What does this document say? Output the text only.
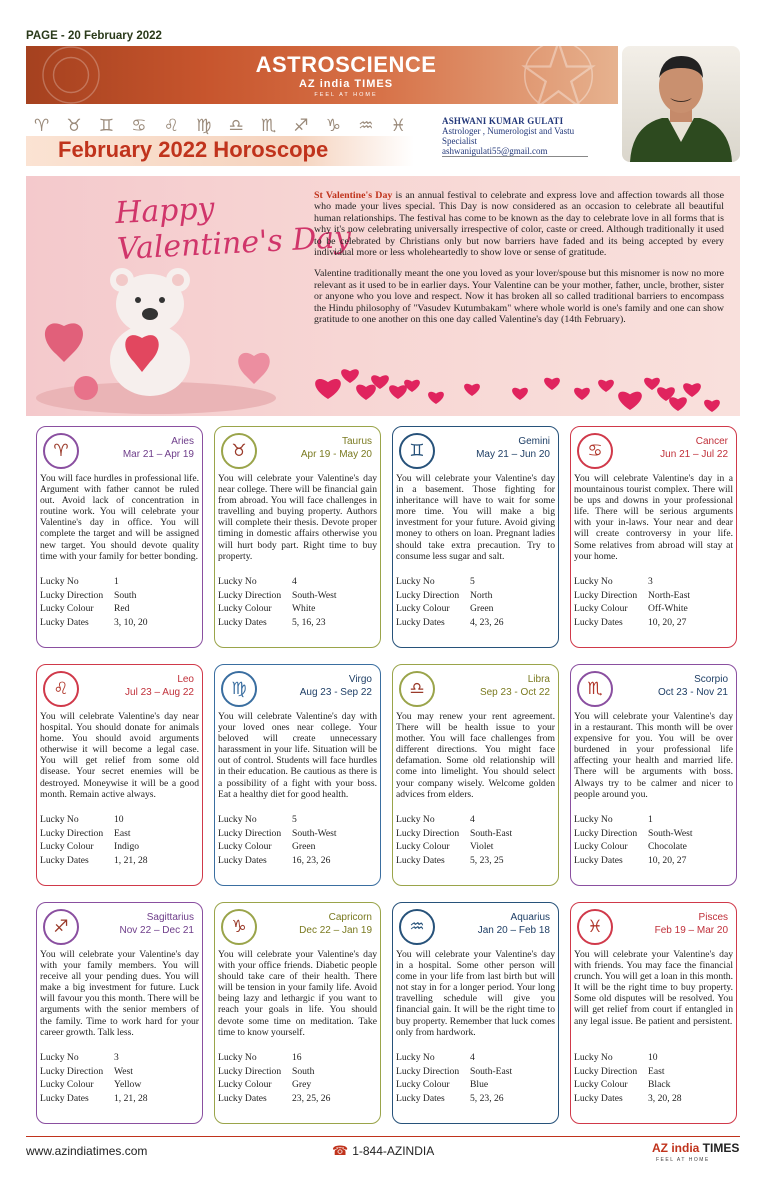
PAGE - 20 February 2022
ASTROSCIENCE
AZ india TIMES
FEEL AT HOME
♈ ♉ ♊ ♋ ♌ ♍ ♎ ♏ ♐ ♑ ♒ ♓
February 2022 Horoscope
ASHWANI KUMAR GULATI
Astrologer , Numerologist and Vastu Specialist
ashwanigulati55@gmail.com
Happy
Valentine's Day

St Valentine's Day is an annual festival to celebrate and express love and affection towards all those who made your lives special. This Day is now considered as an occasion to celebrate all beautiful human relationships. The festival has come to be known as the day to celebrate love in all forms that is why it's now celebrating universally irrespective of color, caste or creed. Although traditionally it used to be celebrated by Christians only but now barriers have faded and its being accepted by every individual more or less wholeheartedly to show love or sense of gratitude.

Valentine traditionally meant the one you loved as your lover/spouse but this misnomer is now no more relevant as it used to be in earlier days. Your Valentine can be your mother, father, uncle, brother, sister or anyone who you love and respect. Now it has broken all so called traditional barriers to encompass the Hindu philosophy of "Vasudev Kutumbakam" where whole world is one's family and one can show gratitude to one another on this one day called Valentine's day (14th February).

♈	Aries
Mar 21 – Apr 19
You will face hurdles in professional life. Argument with father cannot be ruled out. Avoid lack of concentration in routine work. You will celebrate your Valentine's day in office. You will complete the target and will be assigned new target. You should devote quality time with your family for better bonding.
Lucky No	1
Lucky Direction	South
Lucky Colour	Red
Lucky Dates	3, 10, 20
♉	Taurus
Apr 19 - May 20
You will celebrate your Valentine's day near college. There will be financial gain from abroad. You will face challenges in travelling and buying property. Authors will complete their thesis. Devote proper timing in domestic affairs otherwise you will hurt body part. Right time to buy property.
Lucky No	4
Lucky Direction	South-West
Lucky Colour	White
Lucky Dates	5, 16, 23
♊	Gemini
May 21 – Jun 20
You will celebrate your Valentine's day in a basement. Those fighting for inheritance will have to wait for some more time. You will make a big investment for your future. Avoid giving money to others on loan. Pregnant ladies should take extra precaution. Try to consume less sugar and salt.
Lucky No	5
Lucky Direction	North
Lucky Colour	Green
Lucky Dates	4, 23, 26
♋	Cancer
Jun 21 – Jul 22
You will celebrate Valentine's day in a mountainous tourist complex. There will be ups and downs in your professional life. There will be serious arguments with your in-laws. Your near and dear will create controversy in your life. Some relatives from abroad will stay at your home.
Lucky No	3
Lucky Direction	North-East
Lucky Colour	Off-White
Lucky Dates	10, 20, 27
♌	Leo
Jul 23 – Aug 22
You will celebrate Valentine's day near hospital. You should donate for animals home. You should avoid arguments otherwise it will become a legal case. You will get relief from some old disease. Your secret enemies will be destroyed. Moneywise it will be a good month. Remain active always.
Lucky No	10
Lucky Direction	East
Lucky Colour	Indigo
Lucky Dates	1, 21, 28
♍	Virgo
Aug 23 - Sep 22
You will celebrate Valentine's day with your loved ones near college. Your beloved will create unnecessary harassment in your life. Situation will be out of control. Students will face hurdles in their education. Be cautious as there is a possibility of a fight with your boss. Eat a healthy diet for good health.
Lucky No	5
Lucky Direction	South-West
Lucky Colour	Green
Lucky Dates	16, 23, 26
♎	Libra
Sep 23 - Oct 22
You may renew your rent agreement. There will be health issue to your mother. You will face challenges from different directions. You might face defamation. Some old relationship will come into limelight. You should select your company wisely. Welcome golden advices from elders.
Lucky No	4
Lucky Direction	South-East
Lucky Colour	Violet
Lucky Dates	5, 23, 25
♏	Scorpio
Oct 23 - Nov 21
You will celebrate your Valentine's day in a restaurant. This month will be over expensive for you. You will be over burdened in your professional life affecting your health and married life. There will be arguments with boss. Always try to be calmer and nicer to people around you.
Lucky No	1
Lucky Direction	South-West
Lucky Colour	Chocolate
Lucky Dates	10, 20, 27
♐	Sagittarius
Nov 22 – Dec 21
You will celebrate your Valentine's day with your family members. You will receive all your pending dues. You will make a big investment for future. Luck will favour you this month. There will be arguments with the senior members of the family. Time to work hard for your career growth. Talk less.
Lucky No	3
Lucky Direction	West
Lucky Colour	Yellow
Lucky Dates	1, 21, 28
♑	Capricorn
Dec 22 – Jan 19
You will celebrate your Valentine's day with your office friends. Diabetic people should take care of their health. There will be tension in your family life. Avoid being lazy and lethargic if you want to reach your goals in life. You should devote some time on meditation. Take time to know yourself.
Lucky No	16
Lucky Direction	South
Lucky Colour	Grey
Lucky Dates	23, 25, 26
♒	Aquarius
Jan 20 – Feb 18
You will celebrate your Valentine's day in a hospital. Some other person will come in your life from last birth but will not stay in for a longer period. Your long travelling schedule will give you financial gain. It will be the right time to buy property. Remember that luck comes only from hardwork.
Lucky No	4
Lucky Direction	South-East
Lucky Colour	Blue
Lucky Dates	5, 23, 26
♓	Pisces
Feb 19 – Mar 20
You will celebrate your Valentine's day with friends. You may face the financial crunch. You will get a loan in this month. It will be the right time to buy property. Some old disputes will be resolved. You will get relief from court if entangled in any legal issue. Be patient and persistent.
Lucky No	10
Lucky Direction	East
Lucky Colour	Black
Lucky Dates	3, 20, 28
www.azindiatimes.com	☎ 1-844-AZINDIA	AZ india TIMES
FEEL AT HOME
